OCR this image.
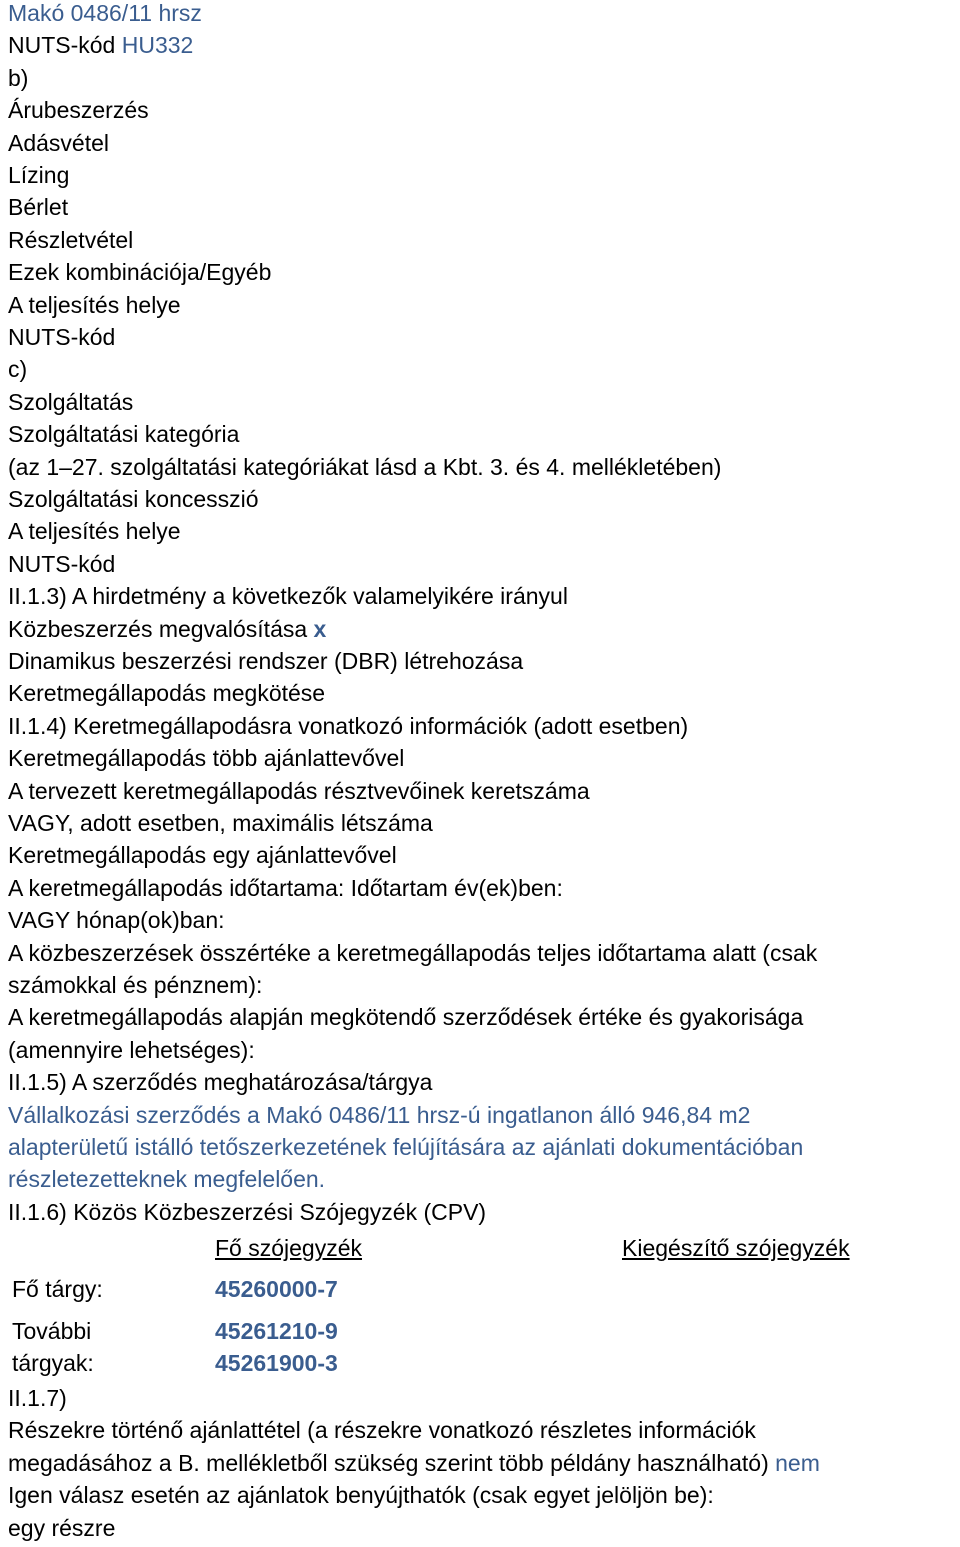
Makó 0486/11 hrsz
NUTS-kód HU332
b)
Árubeszerzés
Adásvétel
Lízing
Bérlet
Részletvétel
Ezek kombinációja/Egyéb
A teljesítés helye
NUTS-kód
c)
Szolgáltatás
Szolgáltatási kategória
(az 1–27. szolgáltatási kategóriákat lásd a Kbt. 3. és 4. mellékletében)
Szolgáltatási koncesszió
A teljesítés helye
NUTS-kód
II.1.3) A hirdetmény a következők valamelyikére irányul
Közbeszerzés megvalósítása x
Dinamikus beszerzési rendszer (DBR) létrehozása
Keretmegállapodás megkötése
II.1.4) Keretmegállapodásra vonatkozó információk (adott esetben)
Keretmegállapodás több ajánlattevővel
A tervezett keretmegállapodás résztvevőinek keretszáma
VAGY, adott esetben, maximális létszáma
Keretmegállapodás egy ajánlattevővel
A keretmegállapodás időtartama: Időtartam év(ek)ben:
VAGY hónap(ok)ban:
A közbeszerzések összértéke a keretmegállapodás teljes időtartama alatt (csak
számokkal és pénznem):
A keretmegállapodás alapján megkötendő szerződések értéke és gyakorisága
(amennyire lehetséges):
II.1.5) A szerződés meghatározása/tárgya
Vállalkozási szerződés a Makó 0486/11 hrsz-ú ingatlanon álló 946,84 m2
alapterületű istálló tetőszerkezetének felújítására az ajánlati dokumentációban
részletezetteknek megfelelően.
II.1.6) Közös Közbeszerzési Szójegyzék (CPV)
Fő szójegyzék	Kiegészítő szójegyzék
Fő tárgy:	45260000-7
További	45261210-9
tárgyak:	45261900-3
II.1.7)
Részekre történő ajánlattétel (a részekre vonatkozó részletes információk
megadásához a B. mellékletből szükség szerint több példány használható) nem
Igen válasz esetén az ajánlatok benyújthatók (csak egyet jelöljön be):
egy részre
